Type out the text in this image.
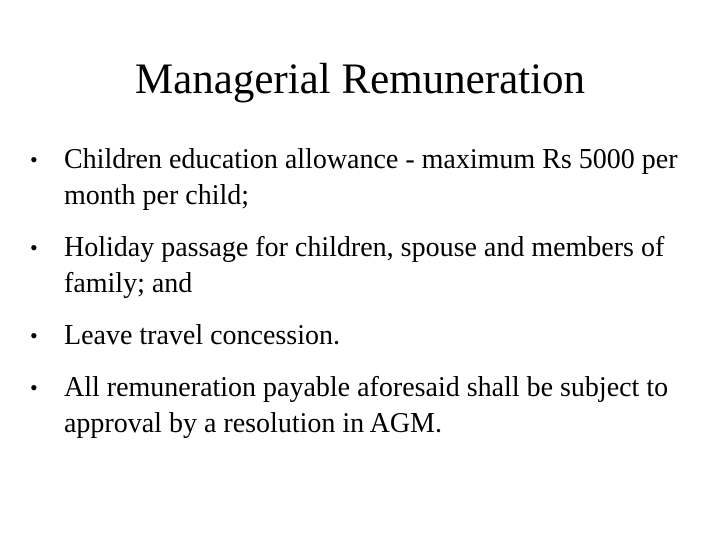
Managerial Remuneration
• Children education allowance - maximum Rs 5000 per month per child;
• Holiday passage for children, spouse and members of family; and
• Leave travel concession.
• All remuneration payable aforesaid shall be subject to approval by a resolution in AGM.
